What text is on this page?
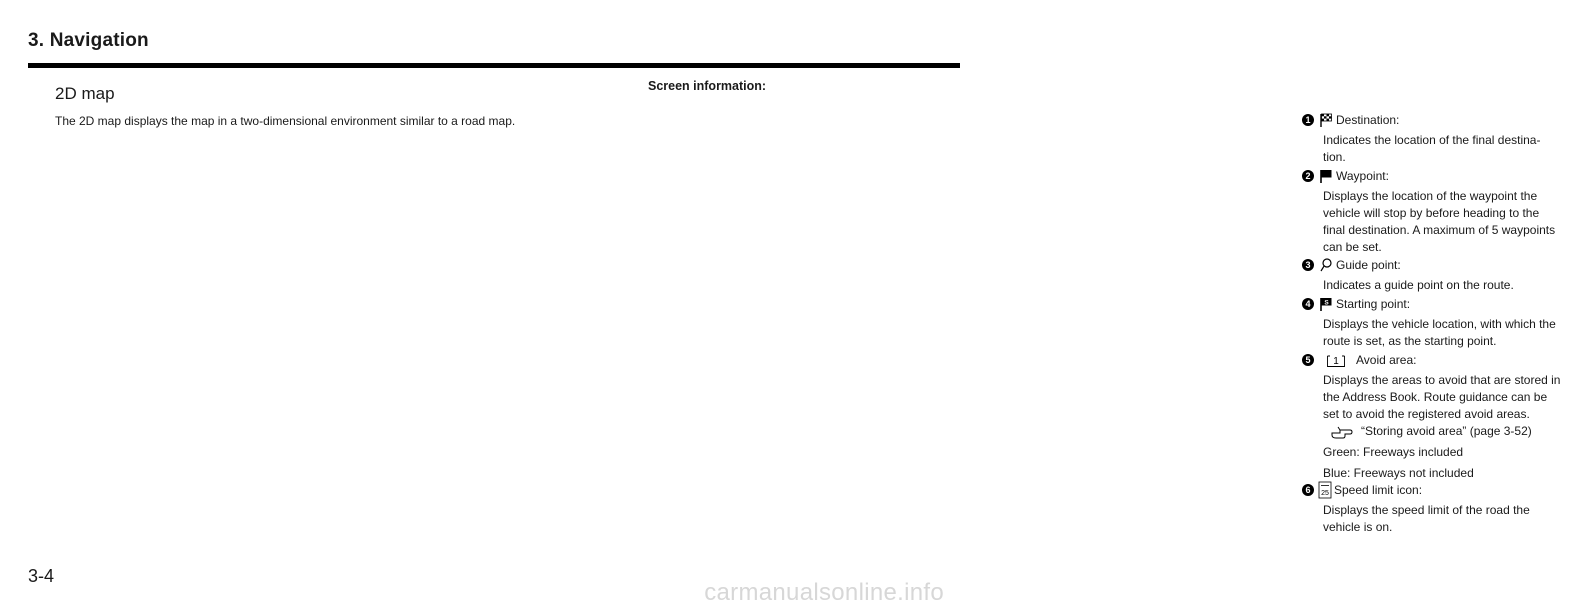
3. Navigation
2D map
The 2D map displays the map in a two-dimensional environment similar to a road map.
Screen information:
1 Destination:

Indicates the location of the final destina-

tion.

2 Waypoint:

Displays the location of the waypoint the

vehicle will stop by before heading to the

final destination. A maximum of 5 waypoints

can be set.

3 Guide point:

Indicates a guide point on the route.

4	S Starting point:

Displays the vehicle location, with which the

route is set, as the starting point.

5	1 Avoid area:

Displays the areas to avoid that are stored in

the Address Book. Route guidance can be

set to avoid the registered avoid areas.

“Storing avoid area” (page 3-52)
Green: Freeways included
Blue: Freeways not included
6	25 Speed limit icon:

Displays the speed limit of the road the

vehicle is on.

3-4
carmanualsonline.info
